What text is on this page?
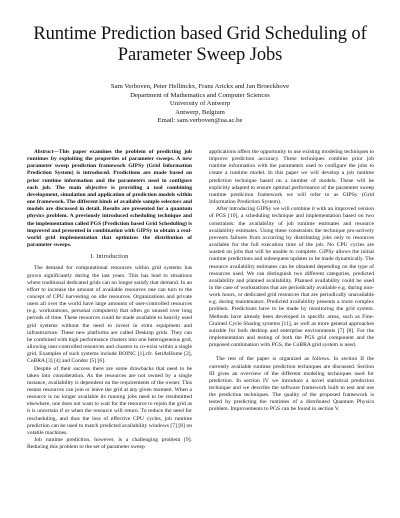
Runtime Prediction based Grid Scheduling of
Parameter Sweep Jobs
Sam Verboven, Peter Hellinckx, Frans Arickx and Jan Broeckhove
Department of Mathematics and Computer Sciences
University of Antwerp
Antwerp, Belgium
Email: sam.verboven@ua.ac.be

Abstract—This paper examines the problem of predicting job runtimes by exploiting the properties of parameter sweeps. A new parameter sweep prediction framework GIPSy (Grid Information Prediction System) is introduced. Predictions are made based on prior runtime information and the parameters used to configure each job. The main objective is providing a tool combining development, simulation and application of prediction models within one framework. The different kinds of available sample selectors and models are discussed in detail. Results are presented for a quantum physics problem. A previously introduced scheduling technique and the implementation called PGS (Prediction based Grid Scheduling) is improved and presented in combination with GIPSy to obtain a real-world grid implementation that optimizes the distribution of parameter sweeps.

I. Introduction

The demand for computational resources within grid systems has grown significantly during the last years. This has lead to situations where traditional dedicated grids can no longer satisfy that demand. In an effort to increase the amount of available resources one can turn to the concept of CPU harvesting on idle resources. Organizations and private users all over the world have large amounts of user-controlled resources (e.g. workstations, personal computers) that often go unused over long periods of time. These resources could be made available to heavily used grid systems without the need to invest in extra equipment and infrastructure. These new platforms are called Desktop grids. They can be combined with high performance clusters into one heterogeneous grid, allowing user-controlled resources and clusters to co-exist within a single grid. Examples of such systems include BOINC [1],cfr. SetiAtHome [2], CoBRA [3] [4] and Condor [5] [6].

Despite of their success there are some drawbacks that need to be taken into consideration. As the resources are not owned by a single instance, availability is dependent on the requirements of the owner. This means resources can join or leave the grid at any given moment. When a resource is no longer available its running jobs need to be resubmitted elsewhere, one does not want to wait for the resource to rejoin the grid as it is uncertain if or when the resource will return. To reduce the need for rescheduling, and thus the loss of effective CPU cycles, job runtime prediction can be used to match predicted availability windows [7] [8] on volatile machines.

Job runtime prediction, however, is a challenging problem [9]. Reducing this problem to the set of parameter sweep

applications offers the opportunity to use existing modeling techniques to improve prediction accuracy. These techniques combine prior job runtime information with the parameters used to configure the jobs to create a runtime model. In this paper we will develop a job runtime prediction technique based on a number of models. These will be explicitly adapted to ensure optimal performance of the parameter sweep runtime prediction framework we will refer to as GIPSy (Grid Information Prediction System).

After introducing GIPSy we will combine it with an improved version of PGS [10], a scheduling technique and implementation based on two constraints: the availability of job runtime estimates and resource availability estimates. Using these constraints the technique pro-actively prevents failures from occurring by distributing jobs only to resources available for the full execution time of the job. No CPU cycles are wasted on jobs that will be unable to complete. GIPSy allows the initial runtime predictions and subsequent updates to be made dynamically. The resource availability estimates can be obtained depending on the type of resources used. We can distinguish two different categories, predicted availability and planned availability. Planned availability could be used in the case of workstations that are periodically available e.g. during non-work hours, or dedicated grid resources that are periodically unavailable e.g. during maintenance. Predicted availability presents a more complex problem. Predictions have to be made by monitoring the grid system. Methods have already been developed in specific areas, such as Fine-Grained Cycle Sharing systems [11], as well as more general approaches suitable for both desktop and enterprise environments [7] [8]. For the implementation and testing of both the PGS grid component and the proposed combination with PGS, the CoBRA grid system is used.

The rest of the paper is organized as follows. In section II the currently available runtime prediction techniques are discussed. Section III gives an overview of the different modeling techniques used for prediction. In section IV we introduce a novel statistical prediction technique and we describe the software framework built to test and use the prediction techniques. The quality of the proposed framework is tested by predicting the runtimes of a distributed Quantum Physics problem. Improvements to PGS can be found in section V.
